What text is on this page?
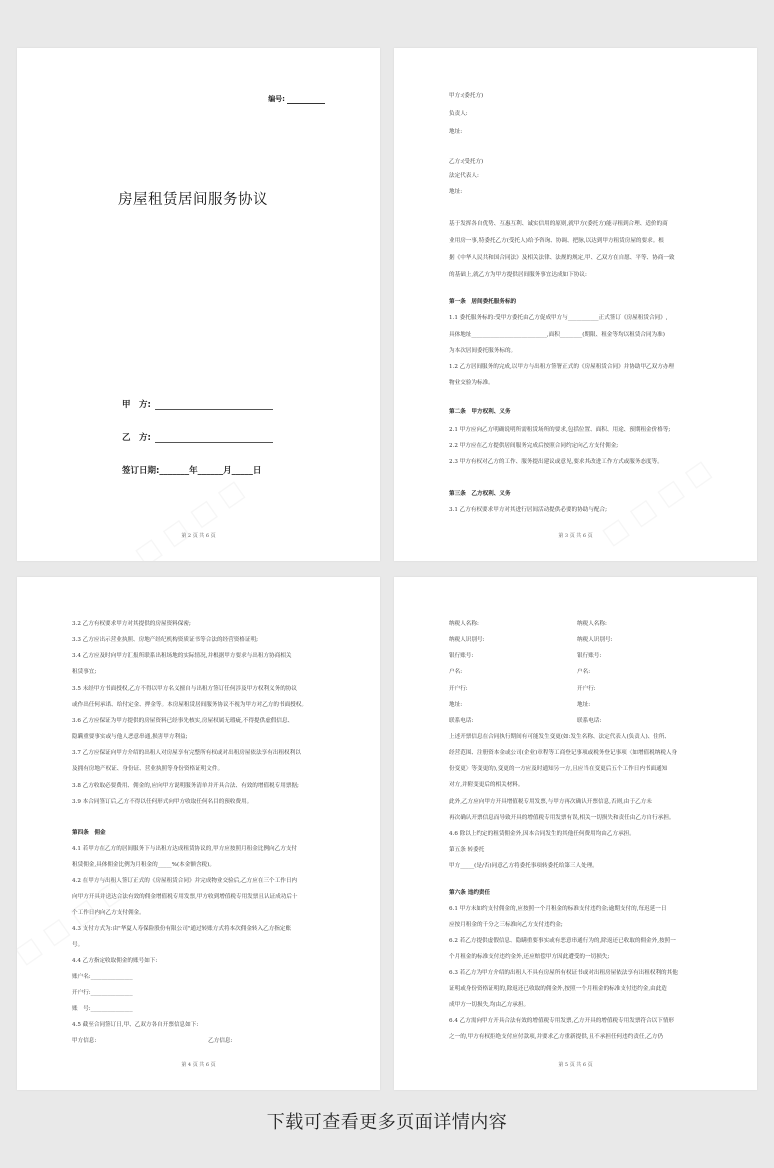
编号:
房屋租赁居间服务协议
甲　方:
乙　方:
签订日期:_______年______月_____日
第 2 页 共 6 页
甲方:(委托方)
负责人:
地址:
乙方:(受托方)
法定代表人:
地址:
基于发挥各自优势、互惠互利、诚实信用的原则,就甲方(委托方)能寻租到合理、适价的商
业用房一事,特委托乙方(受托人)给予咨询、协调、把脉,以达到甲方租赁房屋的要求。根
据《中华人民共和国合同法》及相关法律、法规的规定,甲、乙双方在自愿、平等、协商一致
的基础上,就乙方为甲方提供居间服务事宜达成如下协议:
第一条　居间委托服务标的
1.1 委托服务标的:受甲方委托由乙方促成甲方与___________正式签订《房屋租赁合同》,
具体地址___________________________,面积________(期限、租金等均以租赁合同为准)
为本次居间委托服务标的。
1.2 乙方居间服务的完成,以甲方与出租方签署正式的《房屋租赁合同》并协助甲乙双方办理
物业交验为标准。
第二条　甲方权利、义务
2.1 甲方应向乙方明确说明所需租赁场所的要求,包括位置、面积、用途、预期租金价格等;
2.2 甲方应在乙方提供居间服务完成后按照合同约定向乙方支付佣金;
2.3 甲方有权对乙方的工作、服务提出建议或意见,要求其改进工作方式或服务态度等。
第三条　乙方权利、义务
3.1 乙方有权要求甲方对其进行居间活动提供必要的协助与配合;
第 3 页 共 6 页
3.2 乙方有权要求甲方对其提供的房屋资料保密;
3.3 乙方应出示营业执照、房地产经纪机构资质证书等合法的经营资格证明;
3.4 乙方应及时向甲方汇报所联系出租场地的实际情况,并根据甲方要求与出租方协商相关
租赁事宜;
3.5 未经甲方书面授权,乙方不得以甲方名义擅自与出租方签订任何涉及甲方权利义务的协议
或作出任何承诺、给付定金、押金等。本房屋租赁居间服务协议不视为甲方对乙方的书面授权。
3.6 乙方应保证为甲方提供的房屋资料已经事先核实,房屋权属无瑕疵,不得提供虚假信息、
隐瞒重要事实或与他人恶意串通,损害甲方利益;
3.7 乙方应保证向甲方介绍的出租人对房屋享有完整所有权或对出租房屋依法享有出租权利以
及拥有房地产权证、身份证、营业执照等身份资格证明文件。
3.8 乙方收取必要费用、佣金的,应向甲方说明服务清单并开具合法、有效的增值税专用票据;
3.9 本合同签订后,乙方不得以任何形式向甲方收取任何名目的预收费用。
第四条　佣金
4.1 若甲方在乙方的居间服务下与出租方达成租赁协议的,甲方应按照月租金比例向乙方支付
租赁佣金,具体佣金比例为月租金的_____%(本金额含税)。
4.2 在甲方与出租人签订正式的《房屋租赁合同》并完成物业交验后,乙方应在三个工作日内
向甲方开具并送达合法有效的佣金增值税专用发票,甲方收到增值税专用发票且认证成功后十
个工作日内向乙方支付佣金。
4.3 支付方式为:由"华夏人寿保险股份有限公司"通过转账方式将本次佣金转入乙方指定账
号。
4.4 乙方指定收取佣金的账号如下:
账户名:_______________
开户行:_______________
账　号:_______________
4.5 截至合同签订日,甲、乙双方各自开票信息如下:
甲方信息:　　　　　　　　　　　　　　　　　　　　乙方信息:
第 4 页 共 6 页
纳税人名称:	纳税人名称:
纳税人识别号:	纳税人识别号:
银行账号:	银行账号:
户名:	户名:
开户行:	开户行:
地址:	地址:
联系电话:	联系电话:
上述开票信息在合同执行期间有可能发生变更(如:发生名称、法定代表人(负责人)、住所、
经营范围、注册资本金或公司(企业)章程等工商登记事项或税务登记事项〈如增值税纳税人身
份变更〉等变更的),变更的一方应及时通知另一方,且应当在变更后五个工作日内书面通知
对方,并附变更后的相关材料。
此外,乙方应向甲方开具增值税专用发票,与甲方再次确认开票信息,否则,由于乙方未
再次确认开票信息而导致开具的增值税专用发票有误,相关一切损失和责任由乙方自行承担。
4.6 除以上约定的租赁佣金外,因本合同发生的其他任何费用均由乙方承担。
第五条 转委托
甲方_____(是/否)同意乙方将委托事项转委托给第三人处理。
第六条 违约责任
6.1 甲方未如约支付佣金的,应按照一个月租金的标准支付违约金;逾期支付的,每迟延一日
应按月租金的千分之三标准向乙方支付违约金;
6.2 若乙方提供虚假信息、隐瞒重要事实或有恶意串通行为的,除返还已收取的佣金外,按照一
个月租金的标准支付违约金外,还应赔偿甲方因此遭受的一切损失;
6.3 若乙方为甲方介绍的出租人不具有房屋所有权证书或对出租房屋依法享有出租权利的其他
证明或身份资格证明的,除返还已收取的佣金外,按照一个月租金的标准支付违约金,由此造
成甲方一切损失,均由乙方承担。
6.4 乙方需向甲方开具合法有效的增值税专用发票,乙方开具的增值税专用发票符合以下情形
之一的,甲方有权拒绝支付应付款项,并要求乙方重新提供,且不承担任何违约责任,乙方仍
第 5 页 共 6 页
下载可查看更多页面详情内容
